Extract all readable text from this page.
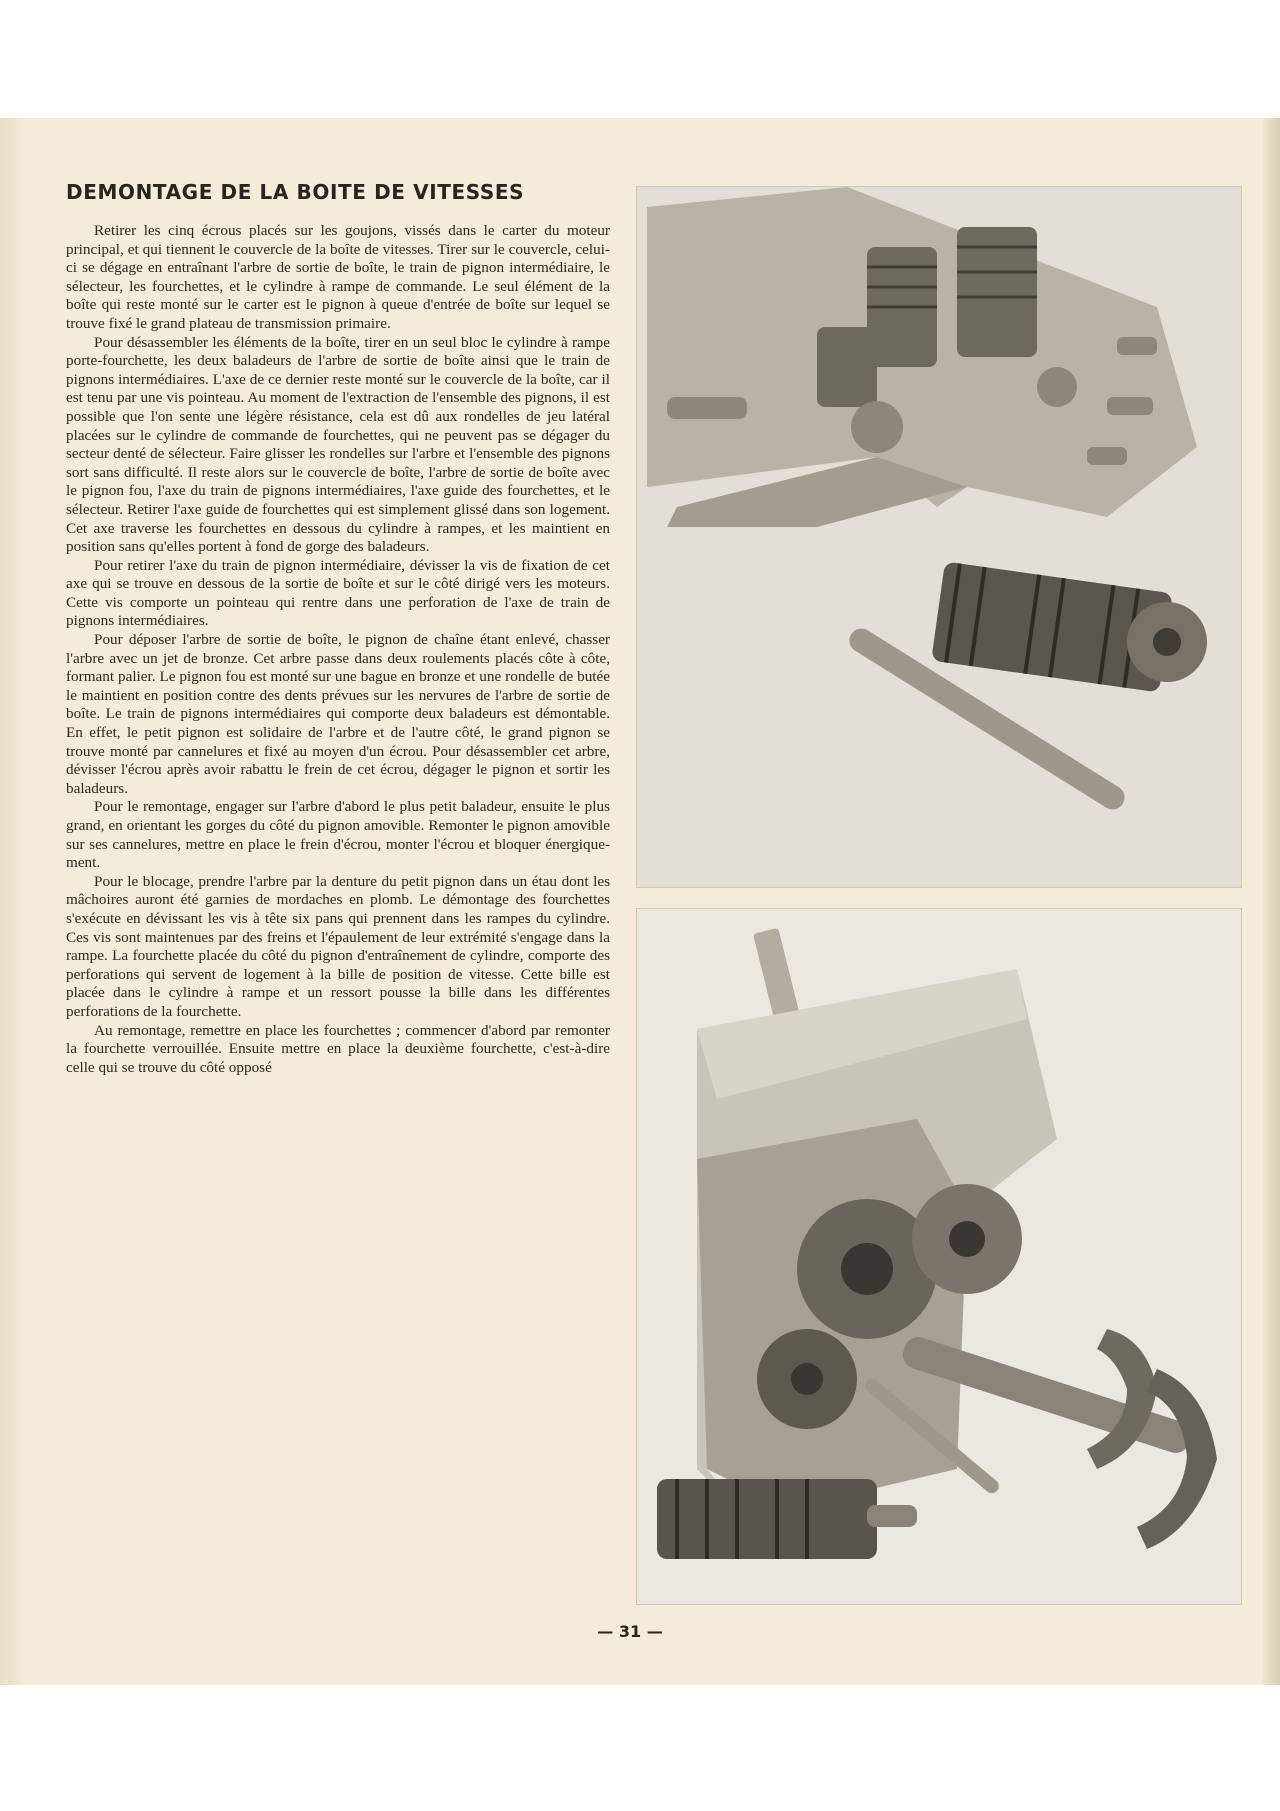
DEMONTAGE DE LA BOITE DE VITESSES

Retirer les cinq écrous placés sur les goujons, vissés dans le carter du moteur principal, et qui tiennent le couvercle de la boîte de vitesses. Tirer sur le couvercle, celui-ci se dégage en entraînant l'arbre de sortie de boîte, le train de pignon intermédiaire, le sélecteur, les fourchettes, et le cylindre à rampe de commande. Le seul élément de la boîte qui reste monté sur le carter est le pignon à queue d'entrée de boîte sur lequel se trouve fixé le grand plateau de transmission primaire.

Pour désassembler les éléments de la boîte, tirer en un seul bloc le cylindre à rampe porte-fourchette, les deux baladeurs de l'arbre de sortie de boîte ainsi que le train de pignons intermédiaires. L'axe de ce dernier reste monté sur le couvercle de la boîte, car il est tenu par une vis pointeau. Au moment de l'extraction de l'ensemble des pignons, il est possible que l'on sente une légère résistance, cela est dû aux rondelles de jeu latéral placées sur le cylindre de commande de fourchettes, qui ne peuvent pas se dégager du secteur denté de sélecteur. Faire glisser les rondelles sur l'arbre et l'ensemble des pignons sort sans difficulté. Il reste alors sur le couvercle de boîte, l'arbre de sortie de boîte avec le pignon fou, l'axe du train de pignons intermédiaires, l'axe guide des fourchettes, et le sélecteur. Retirer l'axe guide de fourchettes qui est simplement glissé dans son logement. Cet axe traverse les fourchettes en dessous du cylindre à rampes, et les maintient en position sans qu'elles portent à fond de gorge des baladeurs.

Pour retirer l'axe du train de pignon intermédiaire, dévisser la vis de fixation de cet axe qui se trouve en dessous de la sortie de boîte et sur le côté dirigé vers les moteurs. Cette vis comporte un pointeau qui rentre dans une perforation de l'axe de train de pignons intermédiaires.

Pour déposer l'arbre de sortie de boîte, le pignon de chaîne étant enlevé, chasser l'arbre avec un jet de bronze. Cet arbre passe dans deux roulements placés côte à côte, formant palier. Le pignon fou est monté sur une bague en bronze et une rondelle de butée le maintient en position contre des dents prévues sur les nervures de l'arbre de sortie de boîte. Le train de pignons intermédiaires qui comporte deux baladeurs est démontable. En effet, le petit pignon est solidaire de l'arbre et de l'autre côté, le grand pignon se trouve monté par cannelures et fixé au moyen d'un écrou. Pour désassembler cet arbre, dévisser l'écrou après avoir rabattu le frein de cet écrou, dégager le pignon et sortir les baladeurs.

Pour le remontage, engager sur l'arbre d'abord le plus petit baladeur, ensuite le plus grand, en orientant les gorges du côté du pignon amovible. Remonter le pignon amovible sur ses cannelures, mettre en place le frein d'écrou, monter l'écrou et bloquer énergiquement.

Pour le blocage, prendre l'arbre par la denture du petit pignon dans un étau dont les mâchoires auront été garnies de mordaches en plomb. Le démontage des fourchettes s'exécute en dévissant les vis à tête six pans qui prennent dans les rampes du cylindre. Ces vis sont maintenues par des freins et l'épaulement de leur extrémité s'engage dans la rampe. La fourchette placée du côté du pignon d'entraînement de cylindre, comporte des perforations qui servent de logement à la bille de position de vitesse. Cette bille est placée dans le cylindre à rampe et un ressort pousse la bille dans les différentes perforations de la fourchette.

Au remontage, remettre en place les fourchettes ; commencer d'abord par remonter la fourchette verrouillée. Ensuite mettre en place la deuxième fourchette, c'est-à-dire celle qui se trouve du côté opposé

— 31 —
